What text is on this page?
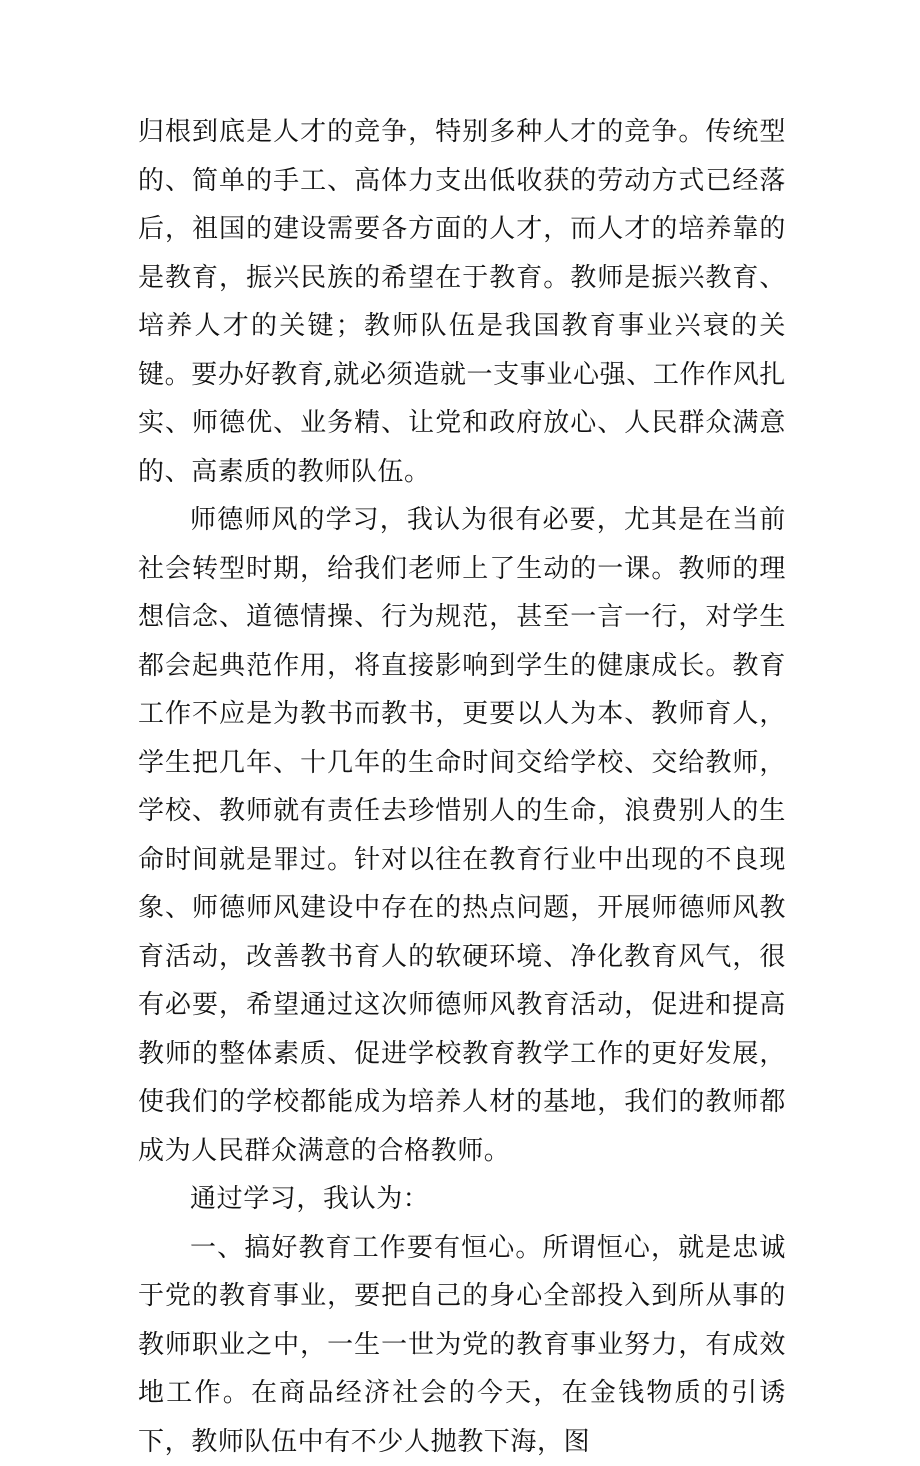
归根到底是人才的竞争，特别多种人才的竞争。传统型的、简单的手工、高体力支出低收获的劳动方式已经落后，祖国的建设需要各方面的人才，而人才的培养靠的是教育，振兴民族的希望在于教育。教师是振兴教育、培养人才的关键；教师队伍是我国教育事业兴衰的关键。要办好教育,就必须造就一支事业心强、工作作风扎实、师德优、业务精、让党和政府放心、人民群众满意的、高素质的教师队伍。

师德师风的学习，我认为很有必要，尤其是在当前社会转型时期，给我们老师上了生动的一课。教师的理想信念、道德情操、行为规范，甚至一言一行，对学生都会起典范作用，将直接影响到学生的健康成长。教育工作不应是为教书而教书，更要以人为本、教师育人，学生把几年、十几年的生命时间交给学校、交给教师，学校、教师就有责任去珍惜别人的生命，浪费别人的生命时间就是罪过。针对以往在教育行业中出现的不良现象、师德师风建设中存在的热点问题，开展师德师风教育活动，改善教书育人的软硬环境、净化教育风气，很有必要，希望通过这次师德师风教育活动，促进和提高教师的整体素质、促进学校教育教学工作的更好发展，使我们的学校都能成为培养人材的基地，我们的教师都成为人民群众满意的合格教师。

通过学习，我认为：

一、搞好教育工作要有恒心。所谓恒心，就是忠诚于党的教育事业，要把自己的身心全部投入到所从事的教师职业之中，一生一世为党的教育事业努力，有成效地工作。在商品经济社会的今天，在金钱物质的引诱下，教师队伍中有不少人抛教下海，图
